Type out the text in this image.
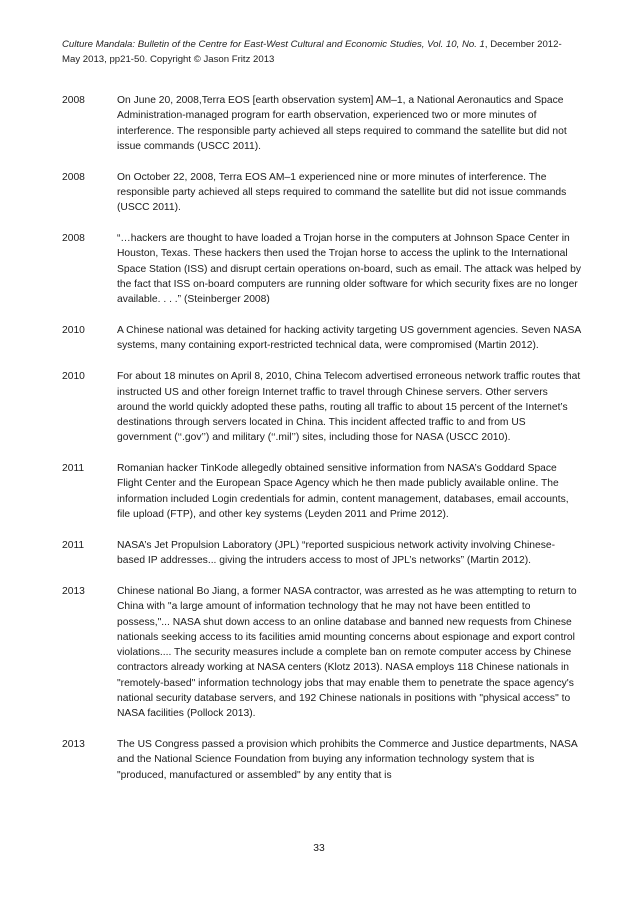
Culture Mandala: Bulletin of the Centre for East-West Cultural and Economic Studies, Vol. 10, No. 1, December 2012- May 2013, pp21-50. Copyright © Jason Fritz 2013
2008	On June 20, 2008,Terra EOS [earth observation system] AM–1, a National Aeronautics and Space Administration-managed program for earth observation, experienced two or more minutes of interference. The responsible party achieved all steps required to command the satellite but did not issue commands (USCC 2011).
2008	On October 22, 2008, Terra EOS AM–1 experienced nine or more minutes of interference. The responsible party achieved all steps required to command the satellite but did not issue commands (USCC 2011).
2008	“…hackers are thought to have loaded a Trojan horse in the computers at Johnson Space Center in Houston, Texas. These hackers then used the Trojan horse to access the uplink to the International Space Station (ISS) and disrupt certain operations on-board, such as email. The attack was helped by the fact that ISS on-board computers are running older software for which security fixes are no longer available. . . .” (Steinberger 2008)
2010	A Chinese national was detained for hacking activity targeting US government agencies. Seven NASA systems, many containing export-restricted technical data, were compromised (Martin 2012).
2010	For about 18 minutes on April 8, 2010, China Telecom advertised erroneous network traffic routes that instructed US and other foreign Internet traffic to travel through Chinese servers. Other servers around the world quickly adopted these paths, routing all traffic to about 15 percent of the Internet’s destinations through servers located in China. This incident affected traffic to and from US government (‘‘.gov’’) and military (‘‘.mil’’) sites, including those for NASA (USCC 2010).
2011	Romanian hacker TinKode allegedly obtained sensitive information from NASA’s Goddard Space Flight Center and the European Space Agency which he then made publicly available online. The information included Login credentials for admin, content management, databases, email accounts, file upload (FTP), and other key systems (Leyden 2011 and Prime 2012).
2011	NASA’s Jet Propulsion Laboratory (JPL) “reported suspicious network activity involving Chinese-based IP addresses... giving the intruders access to most of JPL’s networks” (Martin 2012).
2013	Chinese national Bo Jiang, a former NASA contractor, was arrested as he was attempting to return to China with "a large amount of information technology that he may not have been entitled to possess,"... NASA shut down access to an online database and banned new requests from Chinese nationals seeking access to its facilities amid mounting concerns about espionage and export control violations.... The security measures include a complete ban on remote computer access by Chinese contractors already working at NASA centers (Klotz 2013). NASA employs 118 Chinese nationals in "remotely-based" information technology jobs that may enable them to penetrate the space agency's national security database servers, and 192 Chinese nationals in positions with "physical access" to NASA facilities (Pollock 2013).
2013	The US Congress passed a provision which prohibits the Commerce and Justice departments, NASA and the National Science Foundation from buying any information technology system that is "produced, manufactured or assembled" by any entity that is
33
